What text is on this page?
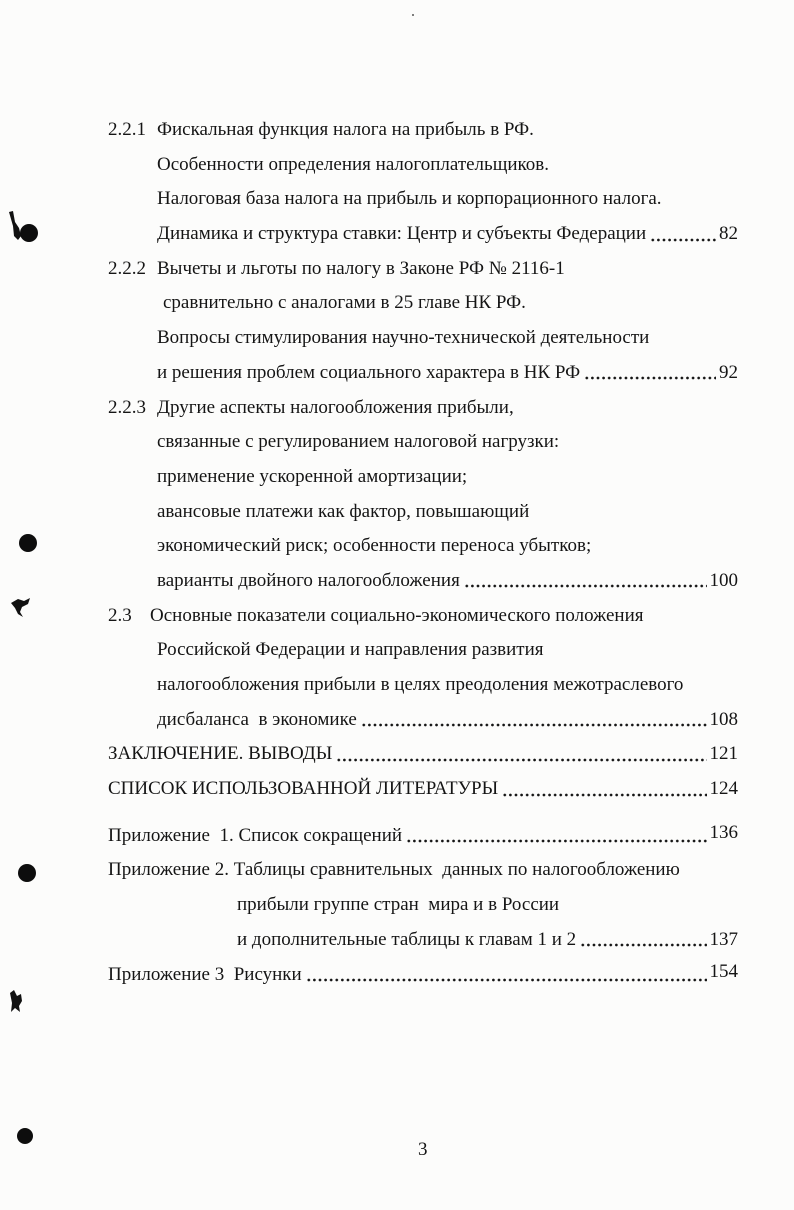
2.2.1 Фискальная функция налога на прибыль в РФ.
Особенности определения налогоплательщиков.
Налоговая база налога на прибыль и корпорационного налога.
Динамика и структура ставки: Центр и субъекты Федерации	82
2.2.2 Вычеты и льготы по налогу в Законе РФ № 2116-1
сравнительно с аналогами в 25 главе НК РФ.
Вопросы стимулирования научно-технической деятельности
и решения проблем социального характера в НК РФ	92
2.2.3 Другие аспекты налогообложения прибыли,
связанные с регулированием налоговой нагрузки:
применение ускоренной амортизации;
авансовые платежи как фактор, повышающий
экономический риск; особенности переноса убытков;
варианты двойного налогообложения	100
2.3 Основные показатели социально-экономического положения
Российской Федерации и направления развития
налогообложения прибыли в целях преодоления межотраслевого
дисбаланса  в экономике	108
ЗАКЛЮЧЕНИЕ. ВЫВОДЫ	121
СПИСОК ИСПОЛЬЗОВАННОЙ ЛИТЕРАТУРЫ	124
Приложение  1. Список сокращений	136
Приложение 2. Таблицы сравнительных  данных по налогообложению
прибыли группе стран  мира и в России
и дополнительные таблицы к главам 1 и 2	137
Приложение 3  Рисунки	154
3
